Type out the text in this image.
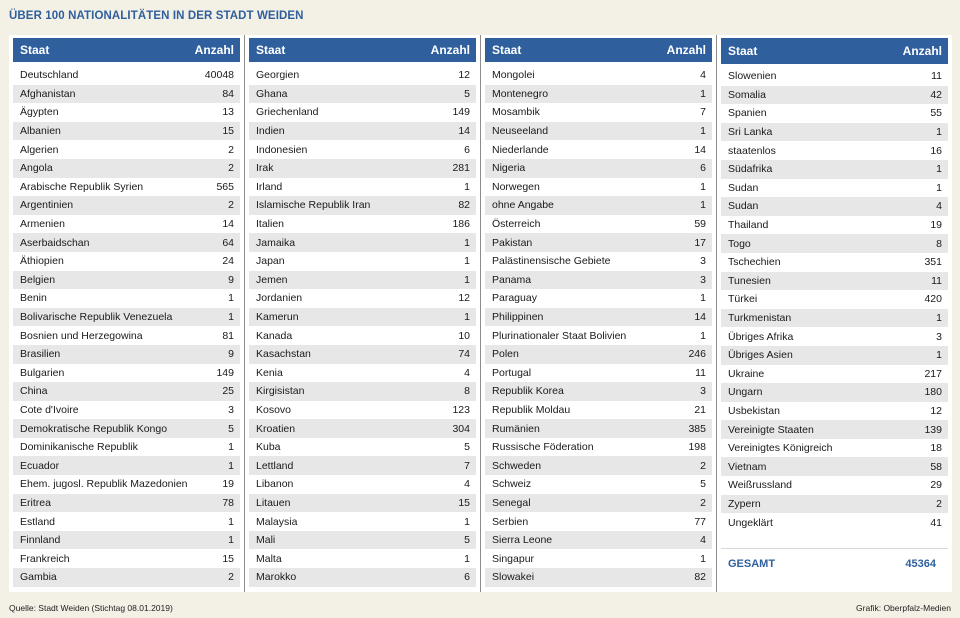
ÜBER 100 NATIONALITÄTEN IN DER STADT WEIDEN
Staat	Anzahl
Deutschland	40048
Afghanistan	84
Ägypten	13
Albanien	15
Algerien	2
Angola	2
Arabische Republik Syrien	565
Argentinien	2
Armenien	14
Aserbaidschan	64
Äthiopien	24
Belgien	9
Benin	1
Bolivarische Republik Venezuela	1
Bosnien und Herzegowina	81
Brasilien	9
Bulgarien	149
China	25
Cote d'Ivoire	3
Demokratische Republik Kongo	5
Dominikanische Republik	1
Ecuador	1
Ehem. jugosl. Republik Mazedonien	19
Eritrea	78
Estland	1
Finnland	1
Frankreich	15
Gambia	2
Staat	Anzahl
Georgien	12
Ghana	5
Griechenland	149
Indien	14
Indonesien	6
Irak	281
Irland	1
Islamische Republik Iran	82
Italien	186
Jamaika	1
Japan	1
Jemen	1
Jordanien	12
Kamerun	1
Kanada	10
Kasachstan	74
Kenia	4
Kirgisistan	8
Kosovo	123
Kroatien	304
Kuba	5
Lettland	7
Libanon	4
Litauen	15
Malaysia	1
Mali	5
Malta	1
Marokko	6
Staat	Anzahl
Mongolei	4
Montenegro	1
Mosambik	7
Neuseeland	1
Niederlande	14
Nigeria	6
Norwegen	1
ohne Angabe	1
Österreich	59
Pakistan	17
Palästinensische Gebiete	3
Panama	3
Paraguay	1
Philippinen	14
Plurinationaler Staat Bolivien	1
Polen	246
Portugal	11
Republik Korea	3
Republik Moldau	21
Rumänien	385
Russische Föderation	198
Schweden	2
Schweiz	5
Senegal	2
Serbien	77
Sierra Leone	4
Singapur	1
Slowakei	82
Staat	Anzahl
Slowenien	11
Somalia	42
Spanien	55
Sri Lanka	1
staatenlos	16
Südafrika	1
Sudan	1
Sudan	4
Thailand	19
Togo	8
Tschechien	351
Tunesien	11
Türkei	420
Turkmenistan	1
Übriges Afrika	3
Übriges Asien	1
Ukraine	217
Ungarn	180
Usbekistan	12
Vereinigte Staaten	139
Vereinigtes Königreich	18
Vietnam	58
Weißrussland	29
Zypern	2
Ungeklärt	41
GESAMT	45364
Quelle: Stadt Weiden (Stichtag 08.01.2019)	Grafik: Oberpfalz-Medien
